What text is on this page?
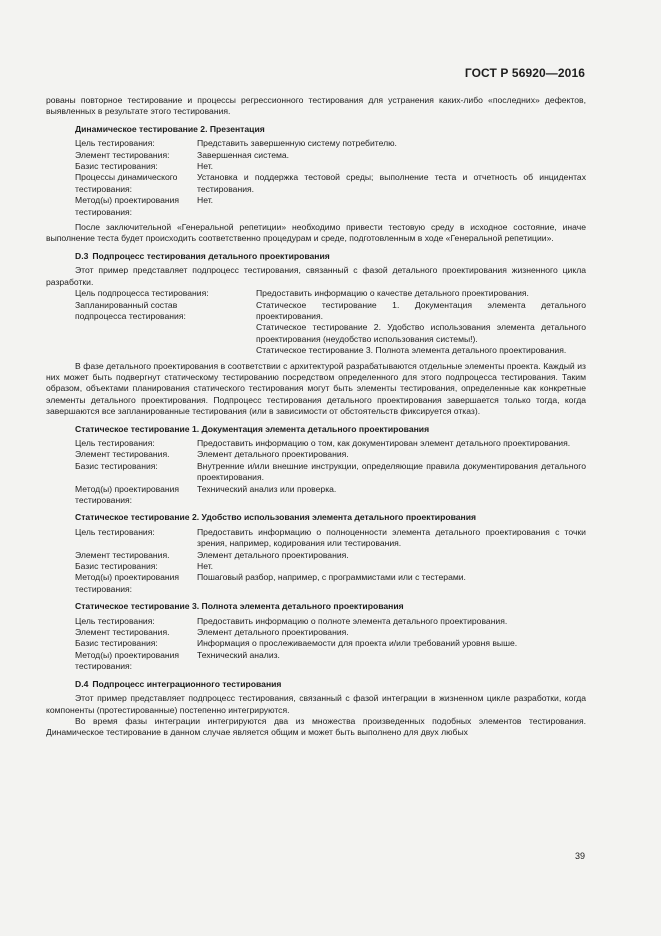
ГОСТ Р 56920—2016

рованы повторное тестирование и процессы регрессионного тестирования для устранения каких-либо «последних» дефектов, выявленных в результате этого тестирования.

Динамическое тестирование 2. Презентация
Цель тестирования:	Представить завершенную систему потребителю.
Элемент тестирования:	Завершенная система.
Базис тестирования:	Нет.
Процессы динамического тестирования:
Установка и поддержка тестовой среды; выполнение теста и отчетность об инцидентах тестирования.
Метод(ы) проектирования тестирования:
Нет.

После заключительной «Генеральной репетиции» необходимо привести тестовую среду в исходное состояние, иначе выполнение теста будет происходить соответственно процедурам и среде, подготовленным в ходе «Генеральной репетиции».

D.3 Подпроцесс тестирования детального проектирования

Этот пример представляет подпроцесс тестирования, связанный с фазой детального проектирования жизненного цикла разработки.

Цель подпроцесса тестирования:	Предоставить информацию о качестве детального проектирования.
Запланированный состав подпроцесса тестирования:
Статическое тестирование 1. Документация элемента детального проектирования.

Статическое тестирование 2. Удобство использования элемента детального проектирования (неудобство использования системы!).

Статическое тестирование 3. Полнота элемента детального проектирования.

В фазе детального проектирования в соответствии с архитектурой разрабатываются отдельные элементы проекта. Каждый из них может быть подвергнут статическому тестированию посредством определенного для этого подпроцесса тестирования. Таким образом, объектами планирования статического тестирования могут быть элементы тестирования, определенные как конкретные элементы детального проектирования. Подпроцесс тестирования детального проектирования завершается только тогда, когда завершаются все запланированные тестирования (или в зависимости от обстоятельств фиксируется отказ).

Статическое тестирование 1. Документация элемента детального проектирования
Цель тестирования:	Предоставить информацию о том, как документирован элемент детального проектирования.
Элемент тестирования.	Элемент детального проектирования.
Базис тестирования:	Внутренние и/или внешние инструкции, определяющие правила документирования детального проектирования.
Метод(ы) проектирования тестирования:
Технический анализ или проверка.
Статическое тестирование 2. Удобство использования элемента детального проектирования
Цель тестирования:	Предоставить информацию о полноценности элемента детального проектирования с точки зрения, например, кодирования или тестирования.
Элемент тестирования.	Элемент детального проектирования.
Базис тестирования:	Нет.
Метод(ы) проектирования тестирования:
Пошаговый разбор, например, с программистами или с тестерами.
Статическое тестирование 3. Полнота элемента детального проектирования
Цель тестирования:	Предоставить информацию о полноте элемента детального проектирования.
Элемент тестирования.	Элемент детального проектирования.
Базис тестирования:	Информация о прослеживаемости для проекта и/или требований уровня выше.
Метод(ы) проектирования тестирования:
Технический анализ.
D.4 Подпроцесс интеграционного тестирования

Этот пример представляет подпроцесс тестирования, связанный с фазой интеграции в жизненном цикле разработки, когда компоненты (протестированные) постепенно интегрируются.

Во время фазы интеграции интегрируются два из множества произведенных подобных элементов тестирования. Динамическое тестирование в данном случае является общим и может быть выполнено для двух любых

39
